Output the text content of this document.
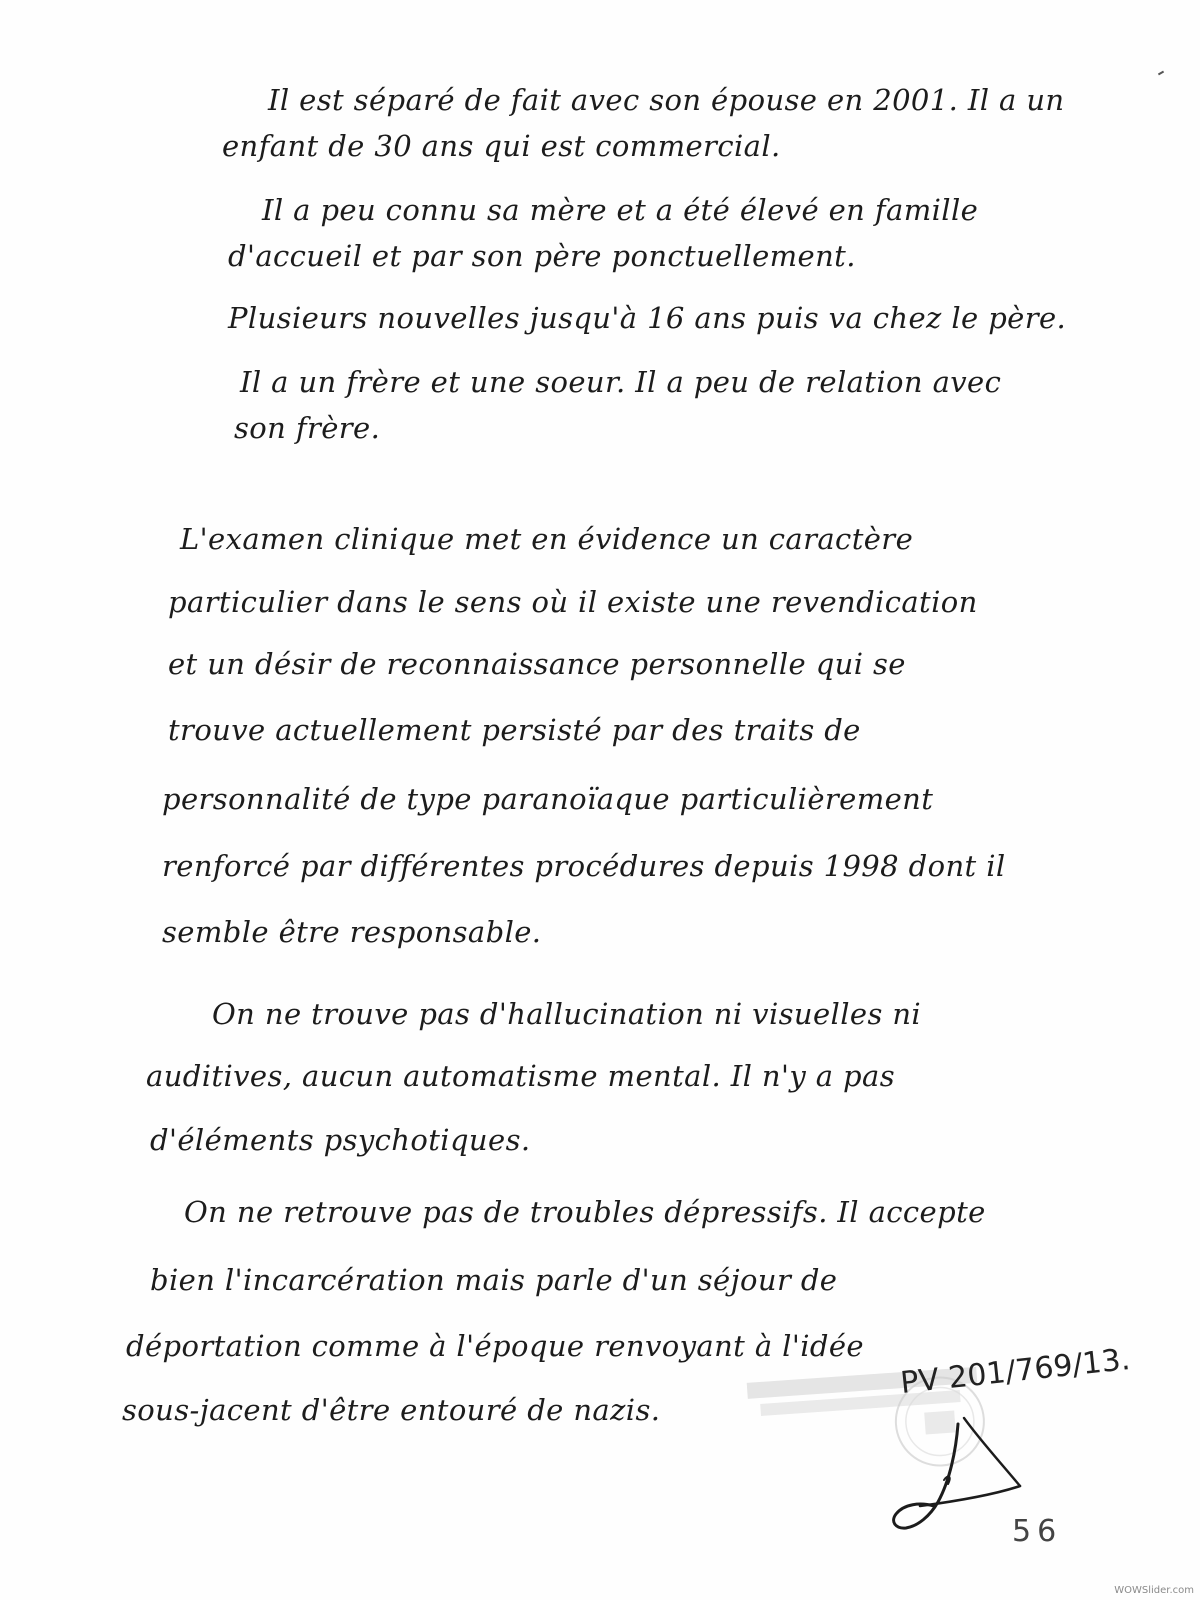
Il est séparé de fait avec son épouse en 2001. Il a un
enfant de 30 ans qui est commercial.
Il a peu connu sa mère et a été élevé en famille
d'accueil et par son père ponctuellement.
Plusieurs nouvelles jusqu'à 16 ans puis va chez le père.
Il a un frère et une soeur. Il a peu de relation avec
son frère.
L'examen clinique met en évidence un caractère
particulier dans le sens où il existe une revendication
et un désir de reconnaissance personnelle qui se
trouve actuellement persisté par des traits de
personnalité de type paranoïaque particulièrement
renforcé par différentes procédures depuis 1998 dont il
semble être responsable.
On ne trouve pas d'hallucination ni visuelles ni
auditives, aucun automatisme mental. Il n'y a pas
d'éléments psychotiques.
On ne retrouve pas de troubles dépressifs. Il accepte
bien l'incarcération mais parle d'un séjour de
déportation comme à l'époque renvoyant à l'idée
sous-jacent d'être entouré de nazis.
PV 201/769/13.
56
WOWSlider.com
